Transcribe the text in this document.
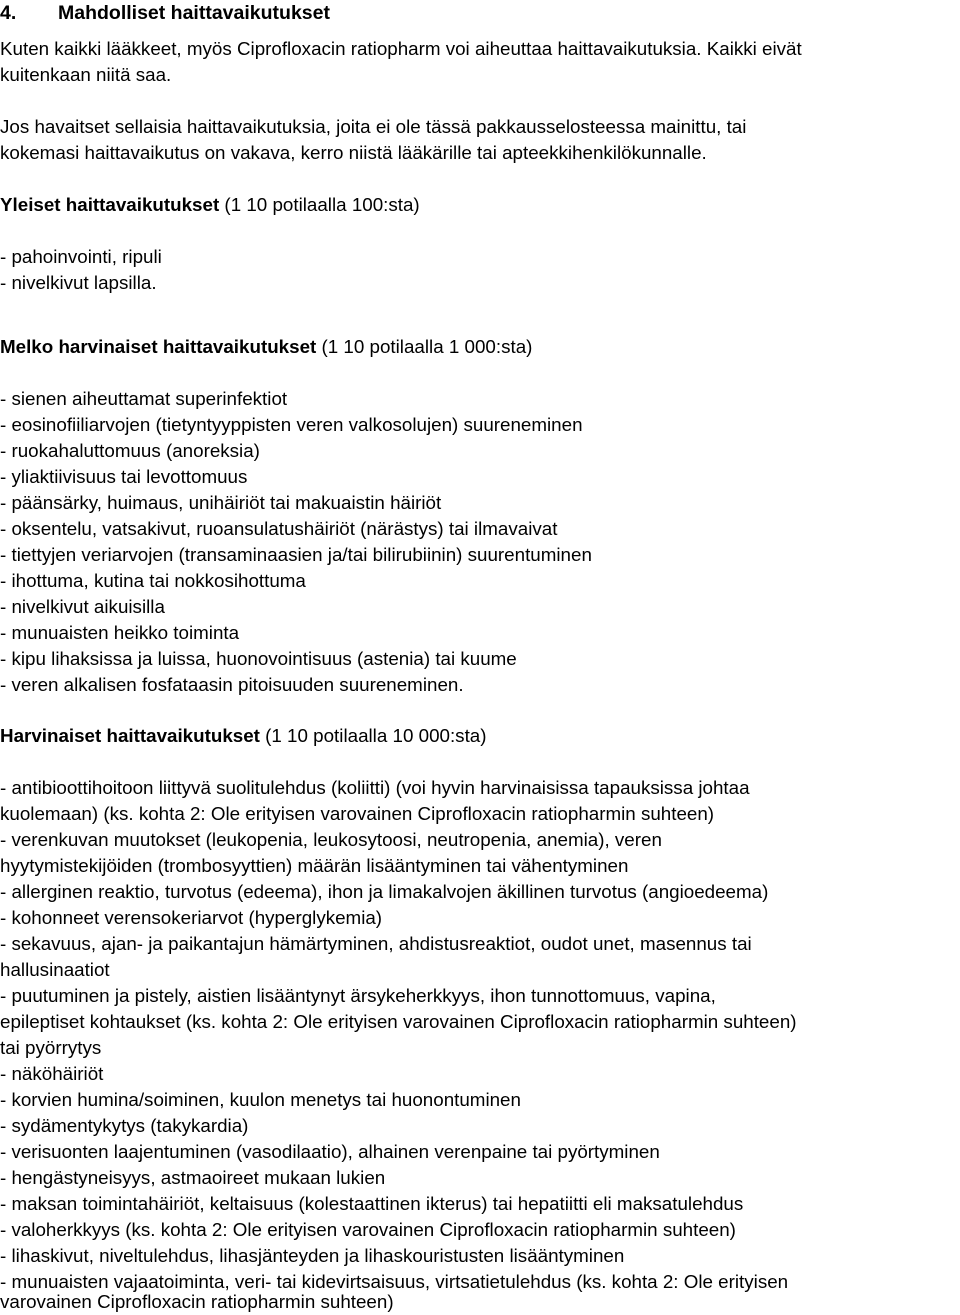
4. Mahdolliset haittavaikutukset
Kuten kaikki lääkkeet, myös Ciprofloxacin ratiopharm voi aiheuttaa haittavaikutuksia. Kaikki eivät
kuitenkaan niitä saa.
Jos havaitset sellaisia haittavaikutuksia, joita ei ole tässä pakkausselosteessa mainittu, tai
kokemasi haittavaikutus on vakava, kerro niistä lääkärille tai apteekkihenkilökunnalle.
Yleiset haittavaikutukset (1 10 potilaalla 100:sta)
- pahoinvointi, ripuli
- nivelkivut lapsilla.
Melko harvinaiset haittavaikutukset (1 10 potilaalla 1 000:sta)
- sienen aiheuttamat superinfektiot
- eosinofiiliarvojen (tietyntyyppisten veren valkosolujen) suureneminen
- ruokahaluttomuus (anoreksia)
- yliaktiivisuus tai levottomuus
- päänsärky, huimaus, unihäiriöt tai makuaistin häiriöt
- oksentelu, vatsakivut, ruoansulatushäiriöt (närästys) tai ilmavaivat
- tiettyjen veriarvojen (transaminaasien ja/tai bilirubiinin) suurentuminen
- ihottuma, kutina tai nokkosihottuma
- nivelkivut aikuisilla
- munuaisten heikko toiminta
- kipu lihaksissa ja luissa, huonovointisuus (astenia) tai kuume
- veren alkalisen fosfataasin pitoisuuden suureneminen.
Harvinaiset haittavaikutukset (1 10 potilaalla 10 000:sta)
- antibioottihoitoon liittyvä suolitulehdus (koliitti) (voi hyvin harvinaisissa tapauksissa johtaa
kuolemaan) (ks. kohta 2: Ole erityisen varovainen Ciprofloxacin ratiopharmin suhteen)
- verenkuvan muutokset (leukopenia, leukosytoosi, neutropenia, anemia), veren
hyytymistekijöiden (trombosyyttien) määrän lisääntyminen tai vähentyminen
- allerginen reaktio, turvotus (edeema), ihon ja limakalvojen äkillinen turvotus (angioedeema)
- kohonneet verensokeriarvot (hyperglykemia)
- sekavuus, ajan- ja paikantajun hämärtyminen, ahdistusreaktiot, oudot unet, masennus tai
hallusinaatiot
- puutuminen ja pistely, aistien lisääntynyt ärsykeherkkyys, ihon tunnottomuus, vapina,
epileptiset kohtaukset (ks. kohta 2: Ole erityisen varovainen Ciprofloxacin ratiopharmin suhteen)
tai pyörrytys
- näköhäiriöt
- korvien humina/soiminen, kuulon menetys tai huonontuminen
- sydämentykytys (takykardia)
- verisuonten laajentuminen (vasodilaatio), alhainen verenpaine tai pyörtyminen
- hengästyneisyys, astmaoireet mukaan lukien
- maksan toimintahäiriöt, keltaisuus (kolestaattinen ikterus) tai hepatiitti eli maksatulehdus
- valoherkkyys (ks. kohta 2: Ole erityisen varovainen Ciprofloxacin ratiopharmin suhteen)
- lihaskivut, niveltulehdus, lihasjänteyden ja lihaskouristusten lisääntyminen
- munuaisten vajaatoiminta, veri- tai kidevirtsaisuus, virtsatietulehdus (ks. kohta 2: Ole erityisen
varovainen Ciprofloxacin ratiopharmin suhteen)
